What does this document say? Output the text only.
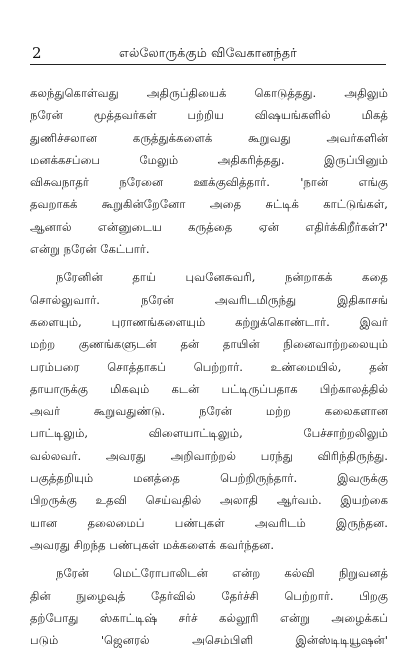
2	எல்லோருக்கும் விவேகானந்தர்
கலந்துகொள்வது அதிருப்தியைக் கொடுத்தது. அதிலும்
நரேன் மூத்தவர்கள் பற்றிய விஷயங்களில் மிகத்
துணிச்சலான கருத்துக்களைக் கூறுவது அவர்களின்
மனக்கசப்பை மேலும் அதிகரித்தது. இருப்பினும்
விசுவநாதர் நரேனை ஊக்குவித்தார். 'நான் எங்கு
தவறாகக் கூறுகின்றேனோ அதை சுட்டிக் காட்டுங்கள்,
ஆனால் என்னுடைய கருத்தை ஏன் எதிர்க்கிறீர்கள்?'
என்று நரேன் கேட்பார்.
நரேனின் தாய் புவனேசுவரி, நன்றாகக் கதை
சொல்லுவார். நரேன் அவரிடமிருந்து இதிகாசங்
களையும், புராணங்களையும் கற்றுக்கொண்டார். இவர்
மற்ற குணங்களுடன் தன் தாயின் நினைவாற்றலையும்
பரம்பரை சொத்தாகப் பெற்றார். உண்மையில், தன்
தாயாருக்கு மிகவும் கடன் பட்டிருப்பதாக பிற்காலத்தில்
அவர் கூறுவதுண்டு. நரேன் மற்ற கலைகளான
பாட்டிலும், விளையாட்டிலும், பேச்சாற்றலிலும்
வல்லவர். அவரது அறிவாற்றல் பரந்து விரிந்திருந்து.
பகுத்தறியும் மனத்தை பெற்றிருந்தார். இவருக்கு
பிறருக்கு உதவி செய்வதில் அலாதி ஆர்வம். இயற்கை
யான தலைமைப் பண்புகள் அவரிடம் இருந்தன.
அவரது சிறந்த பண்புகள் மக்களைக் கவர்ந்தன.
நரேன் மெட்ரோபாலிடன் என்ற கல்வி நிறுவனத்
தின் நுழைவுத் தேர்வில் தேர்ச்சி பெற்றார். பிறகு
தற்போது ஸ்காட்டிஷ் சர்ச் கல்லூரி என்று அழைக்கப்
படும் 'ஜெனரல் அசெம்பிளி இன்ஸ்டிடியூஷன்'
